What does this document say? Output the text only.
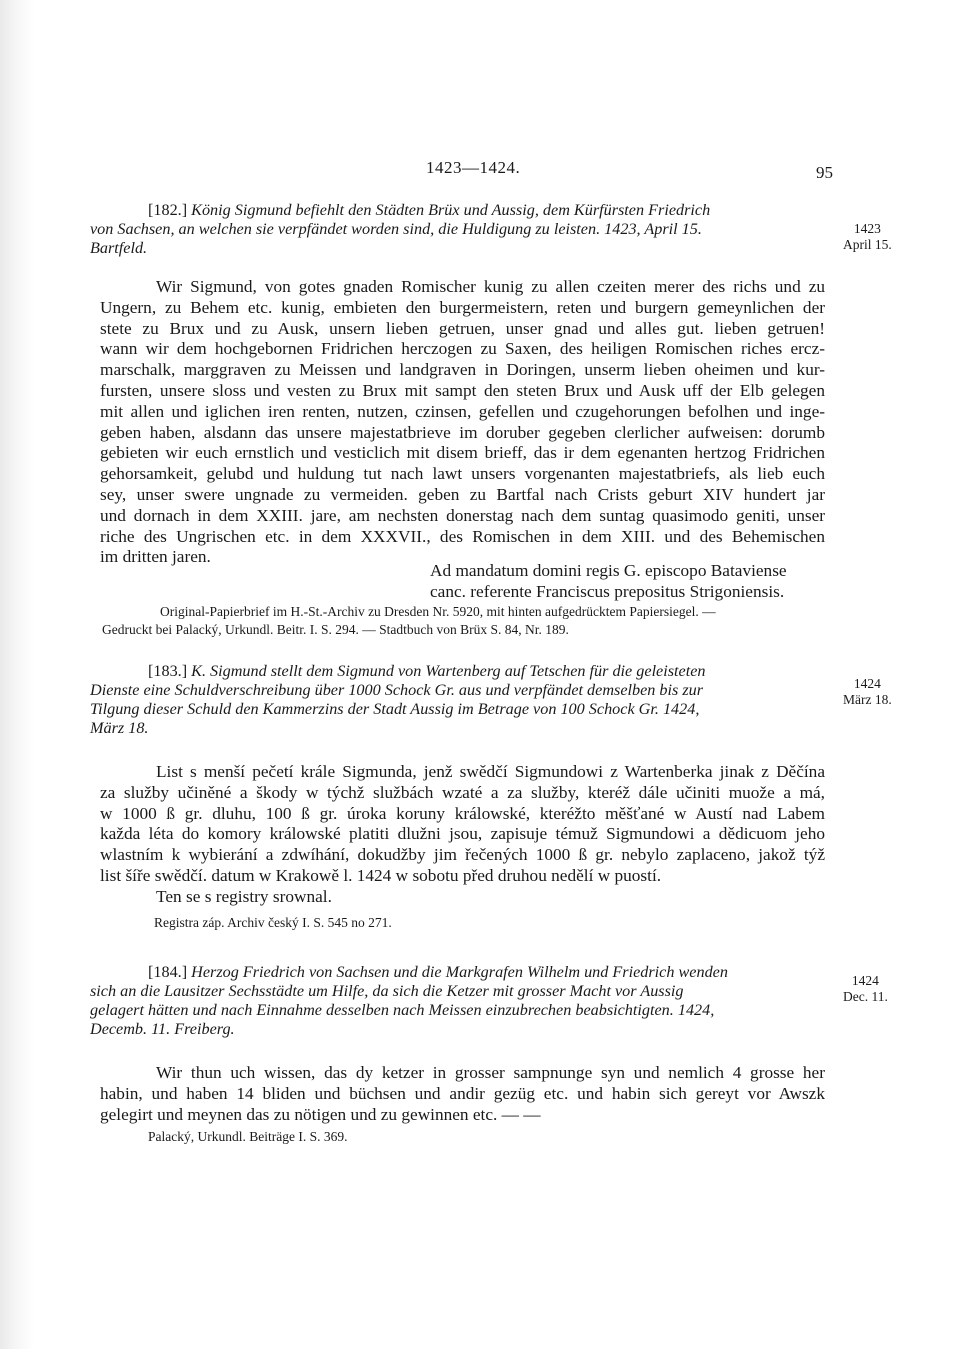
1423—1424.	95
[182.] König Sigmund befiehlt den Städten Brüx und Aussig, dem Kürfürsten Friedrich
von Sachsen, an welchen sie verpfändet worden sind, die Huldigung zu leisten. 1423, April 15.
Bartfeld.
1423
April 15.
Wir Sigmund, von gotes gnaden Romischer kunig zu allen czeiten merer des richs und zu
Ungern, zu Behem etc. kunig, embieten den burgermeistern, reten und burgern gemeynlichen der
stete zu Brux und zu Ausk, unsern lieben getruen, unser gnad und alles gut. lieben getruen!
wann wir dem hochgebornen Fridrichen herczogen zu Saxen, des heiligen Romischen riches ercz-
marschalk, marggraven zu Meissen und landgraven in Doringen, unserm lieben oheimen und kur-
fursten, unsere sloss und vesten zu Brux mit sampt den steten Brux und Ausk uff der Elb gelegen
mit allen und iglichen iren renten, nutzen, czinsen, gefellen und czugehorungen befolhen und inge-
geben haben, alsdann das unsere majestatbrieve im doruber gegeben clerlicher aufweisen: dorumb
gebieten wir euch ernstlich und vesticlich mit disem brieff, das ir dem egenanten hertzog Fridrichen
gehorsamkeit, gelubd und huldung tut nach lawt unsers vorgenanten majestatbriefs, als lieb euch
sey, unser swere ungnade zu vermeiden. geben zu Bartfal nach Crists geburt XIV hundert jar
und dornach in dem XXIII. jare, am nechsten donerstag nach dem suntag quasimodo geniti, unser
riche des Ungrischen etc. in dem XXXVII., des Romischen in dem XIII. und des Behemischen
im dritten jaren.
Ad mandatum domini regis G. episcopo Bataviense
canc. referente Franciscus prepositus Strigoniensis.
Original-Papierbrief im H.-St.-Archiv zu Dresden Nr. 5920, mit hinten aufgedrücktem Papiersiegel. —
Gedruckt bei Palacký, Urkundl. Beitr. I. S. 294. — Stadtbuch von Brüx S. 84, Nr. 189.
[183.] K. Sigmund stellt dem Sigmund von Wartenberg auf Tetschen für die geleisteten
Dienste eine Schuldverschreibung über 1000 Schock Gr. aus und verpfändet demselben bis zur
Tilgung dieser Schuld den Kammerzins der Stadt Aussig im Betrage von 100 Schock Gr. 1424,
März 18.
1424
März 18.
List s menší pečetí krále Sigmunda, jenž swědčí Sigmundowi z Wartenberka jinak z Děčína
za služby učiněné a škody w týchž službách wzaté a za služby, kteréž dále učiniti muože a má,
w 1000 ß gr. dluhu, 100 ß gr. úroka koruny králowské, kteréžto měšťané w Austí nad Labem
každa léta do komory králowské platiti dlužni jsou, zapisuje témuž Sigmundowi a dědicuom jeho
wlastním k wybierání a zdwíhání, dokudžby jim řečených 1000 ß gr. nebylo zaplaceno, jakož týž
list šíře swědčí. datum w Krakowě l. 1424 w sobotu před druhou nedělí w puostí.
Ten se s registry srownal.
Registra záp. Archiv český I. S. 545 no 271.
[184.] Herzog Friedrich von Sachsen und die Markgrafen Wilhelm und Friedrich wenden
sich an die Lausitzer Sechsstädte um Hilfe, da sich die Ketzer mit grosser Macht vor Aussig
gelagert hätten und nach Einnahme desselben nach Meissen einzubrechen beabsichtigten. 1424,
Decemb. 11. Freiberg.
1424
Dec. 11.
Wir thun uch wissen, das dy ketzer in grosser sampnunge syn und nemlich 4 grosse her
habin, und haben 14 bliden und büchsen und andir gezüg etc. und habin sich gereyt vor Awszk
gelegirt und meynen das zu nötigen und zu gewinnen etc. — —
Palacký, Urkundl. Beiträge I. S. 369.
